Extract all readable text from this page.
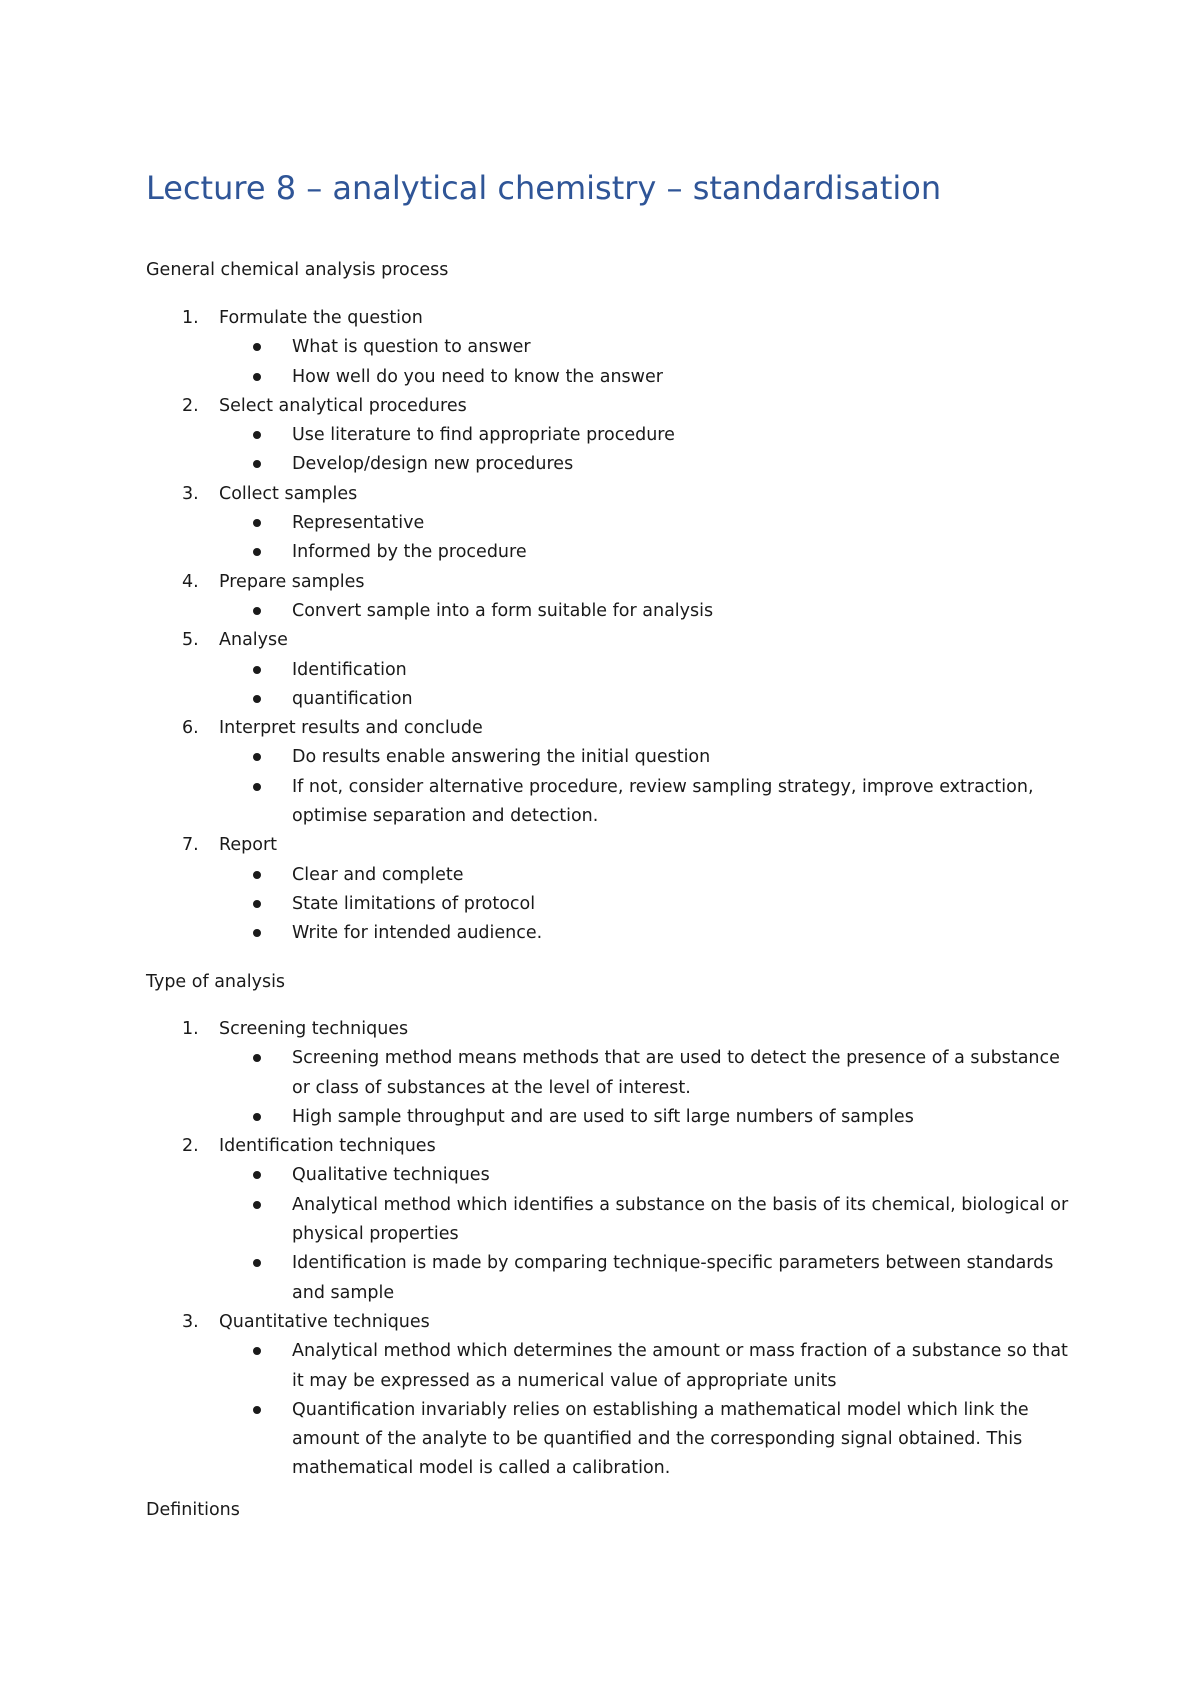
Lecture 8 – analytical chemistry – standardisation

General chemical analysis process

1. Formulate the question
What is question to answer
How well do you need to know the answer
2. Select analytical procedures
Use literature to find appropriate procedure
Develop/design new procedures
3. Collect samples
Representative
Informed by the procedure
4. Prepare samples
Convert sample into a form suitable for analysis
5. Analyse
Identification
quantification
6. Interpret results and conclude
Do results enable answering the initial question
If not, consider alternative procedure, review sampling strategy, improve extraction, optimise separation and detection.
7. Report
Clear and complete
State limitations of protocol
Write for intended audience.

Type of analysis

1. Screening techniques
Screening method means methods that are used to detect the presence of a substance or class of substances at the level of interest.
High sample throughput and are used to sift large numbers of samples
2. Identification techniques
Qualitative techniques
Analytical method which identifies a substance on the basis of its chemical, biological or physical properties
Identification is made by comparing technique-specific parameters between standards and sample
3. Quantitative techniques
Analytical method which determines the amount or mass fraction of a substance so that it may be expressed as a numerical value of appropriate units
Quantification invariably relies on establishing a mathematical model which link the amount of the analyte to be quantified and the corresponding signal obtained. This mathematical model is called a calibration.

Definitions
